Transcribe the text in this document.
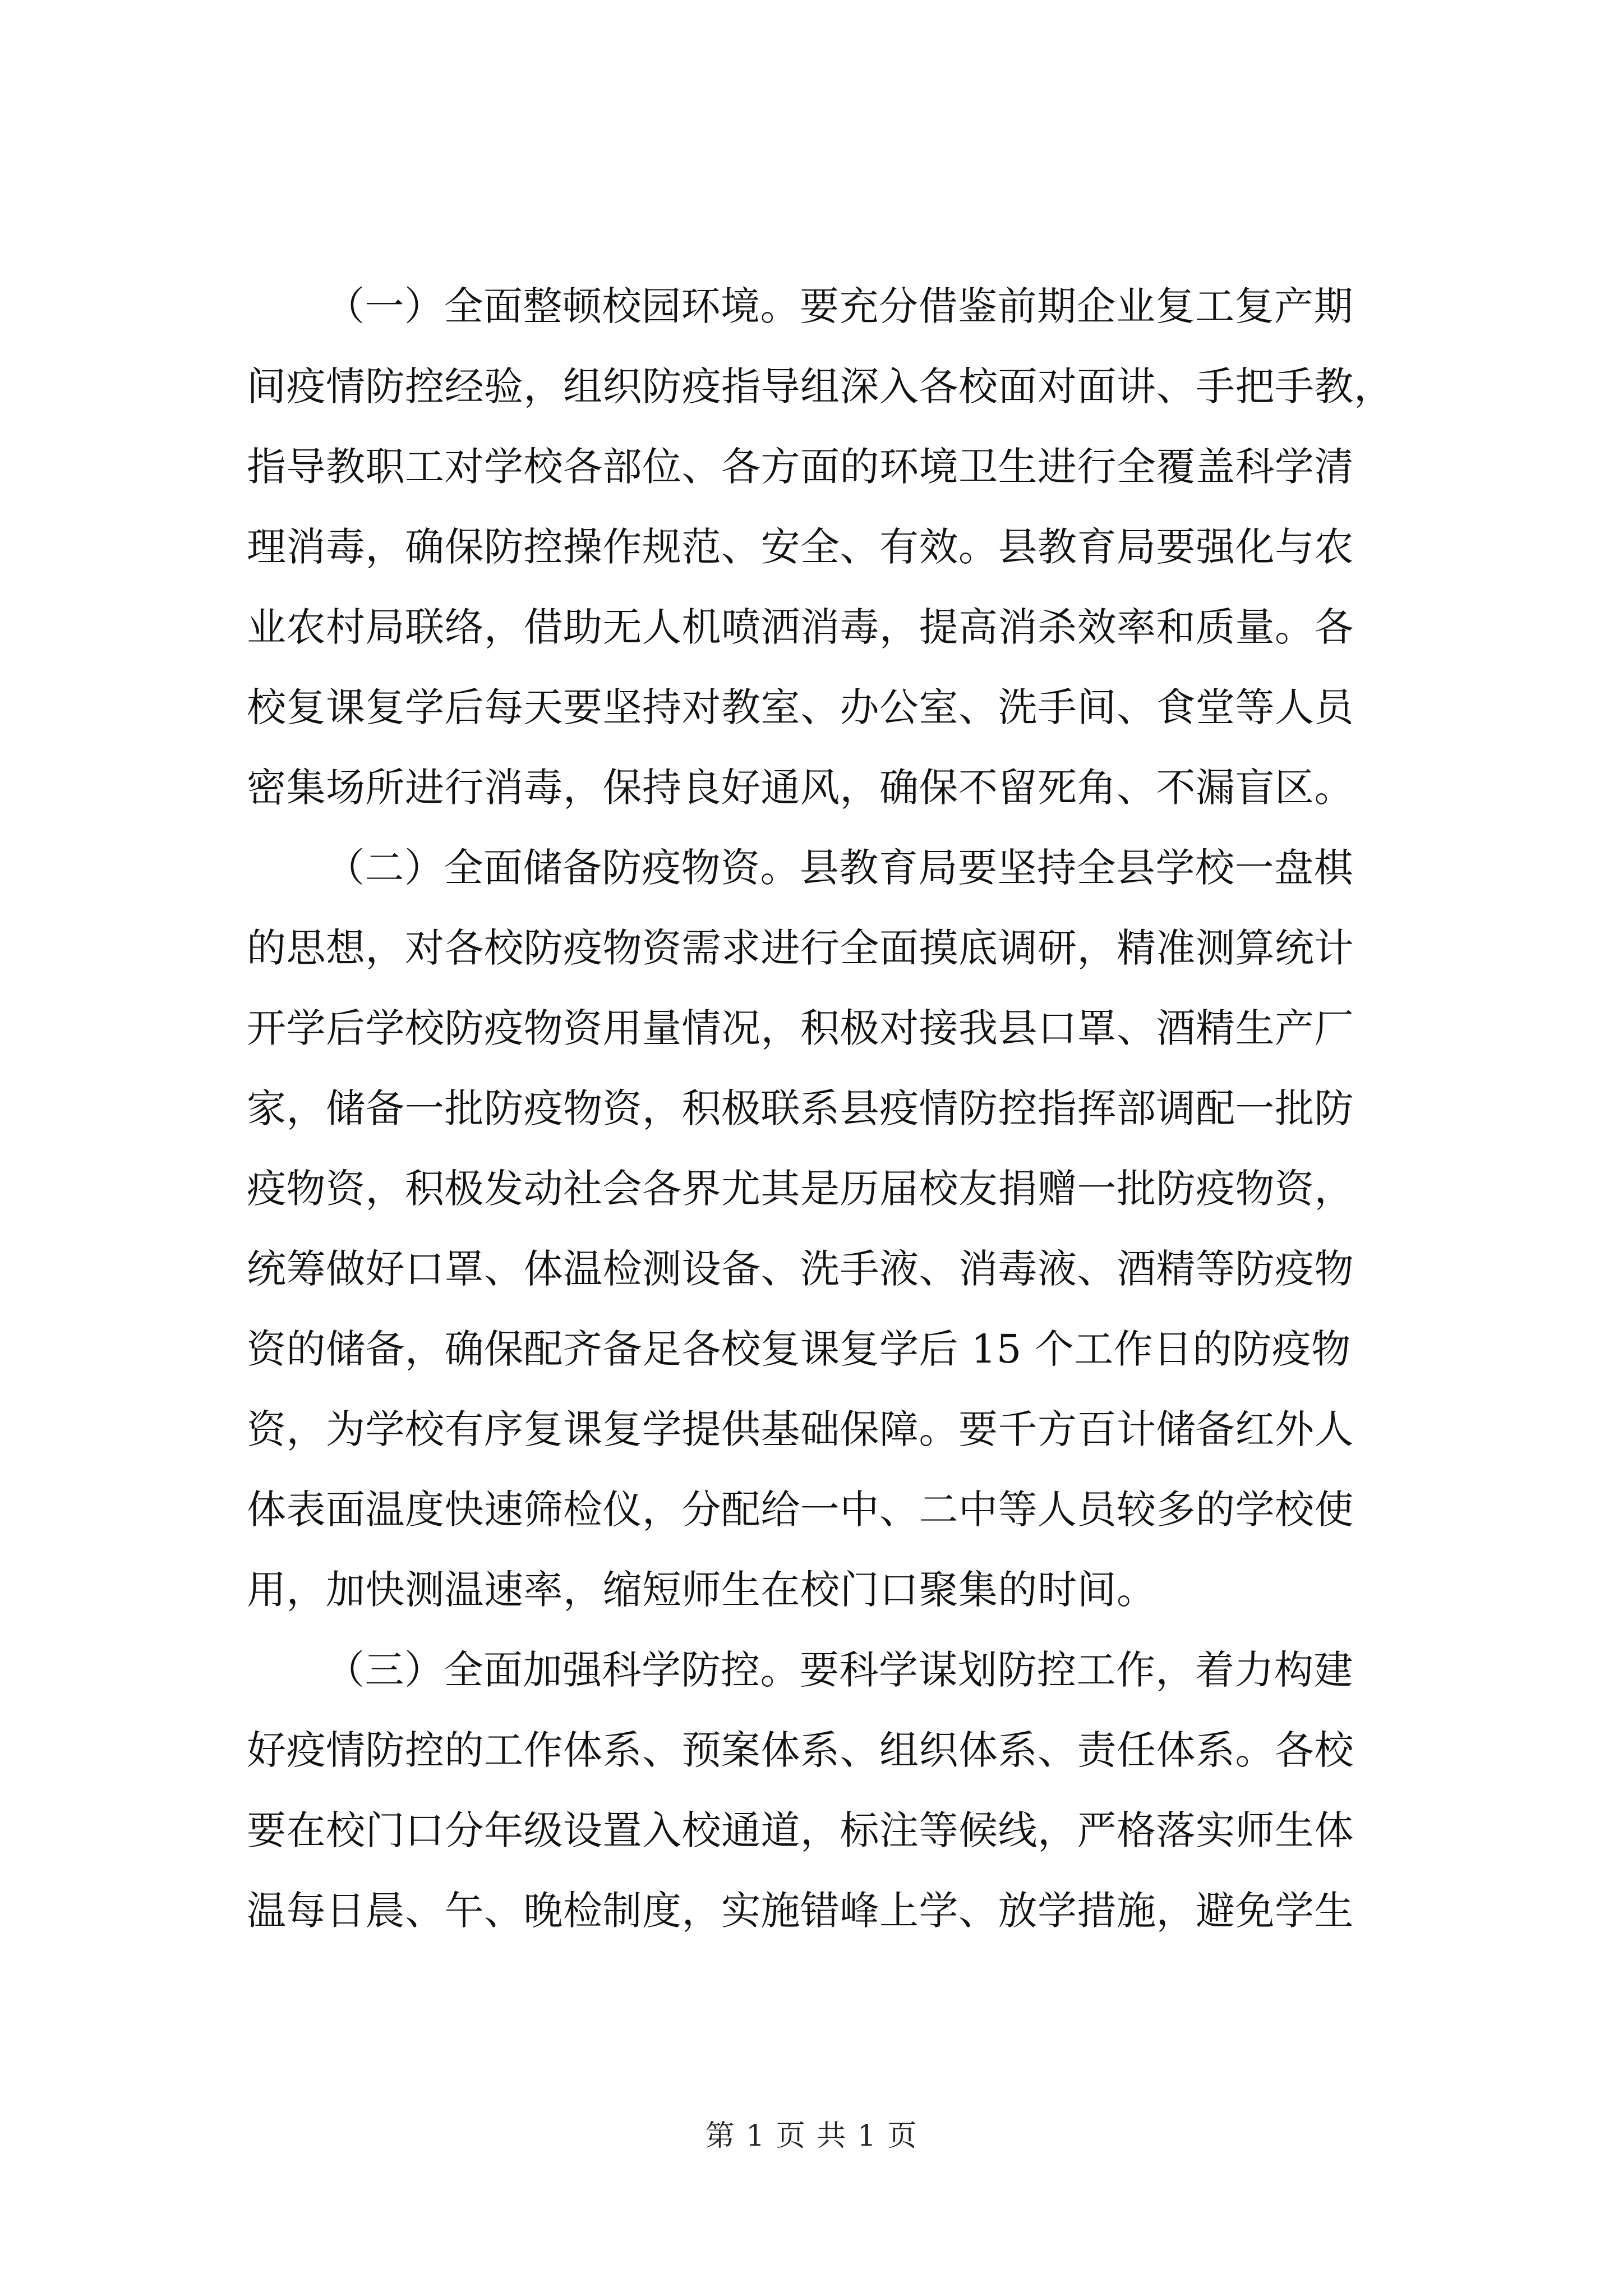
（一）全面整顿校园环境。要充分借鉴前期企业复工复产期
间疫情防控经验，组织防疫指导组深入各校面对面讲、手把手教，
指导教职工对学校各部位、各方面的环境卫生进行全覆盖科学清
理消毒，确保防控操作规范、安全、有效。县教育局要强化与农
业农村局联络，借助无人机喷洒消毒，提高消杀效率和质量。各
校复课复学后每天要坚持对教室、办公室、洗手间、食堂等人员
密集场所进行消毒，保持良好通风，确保不留死角、不漏盲区。
（二）全面储备防疫物资。县教育局要坚持全县学校一盘棋
的思想，对各校防疫物资需求进行全面摸底调研，精准测算统计
开学后学校防疫物资用量情况，积极对接我县口罩、酒精生产厂
家，储备一批防疫物资，积极联系县疫情防控指挥部调配一批防
疫物资，积极发动社会各界尤其是历届校友捐赠一批防疫物资，
统筹做好口罩、体温检测设备、洗手液、消毒液、酒精等防疫物
资的储备，确保配齐备足各校复课复学后 15 个工作日的防疫物
资，为学校有序复课复学提供基础保障。要千方百计储备红外人
体表面温度快速筛检仪，分配给一中、二中等人员较多的学校使
用，加快测温速率，缩短师生在校门口聚集的时间。
（三）全面加强科学防控。要科学谋划防控工作，着力构建
好疫情防控的工作体系、预案体系、组织体系、责任体系。各校
要在校门口分年级设置入校通道，标注等候线，严格落实师生体
温每日晨、午、晚检制度，实施错峰上学、放学措施，避免学生
第 1 页 共 1 页
